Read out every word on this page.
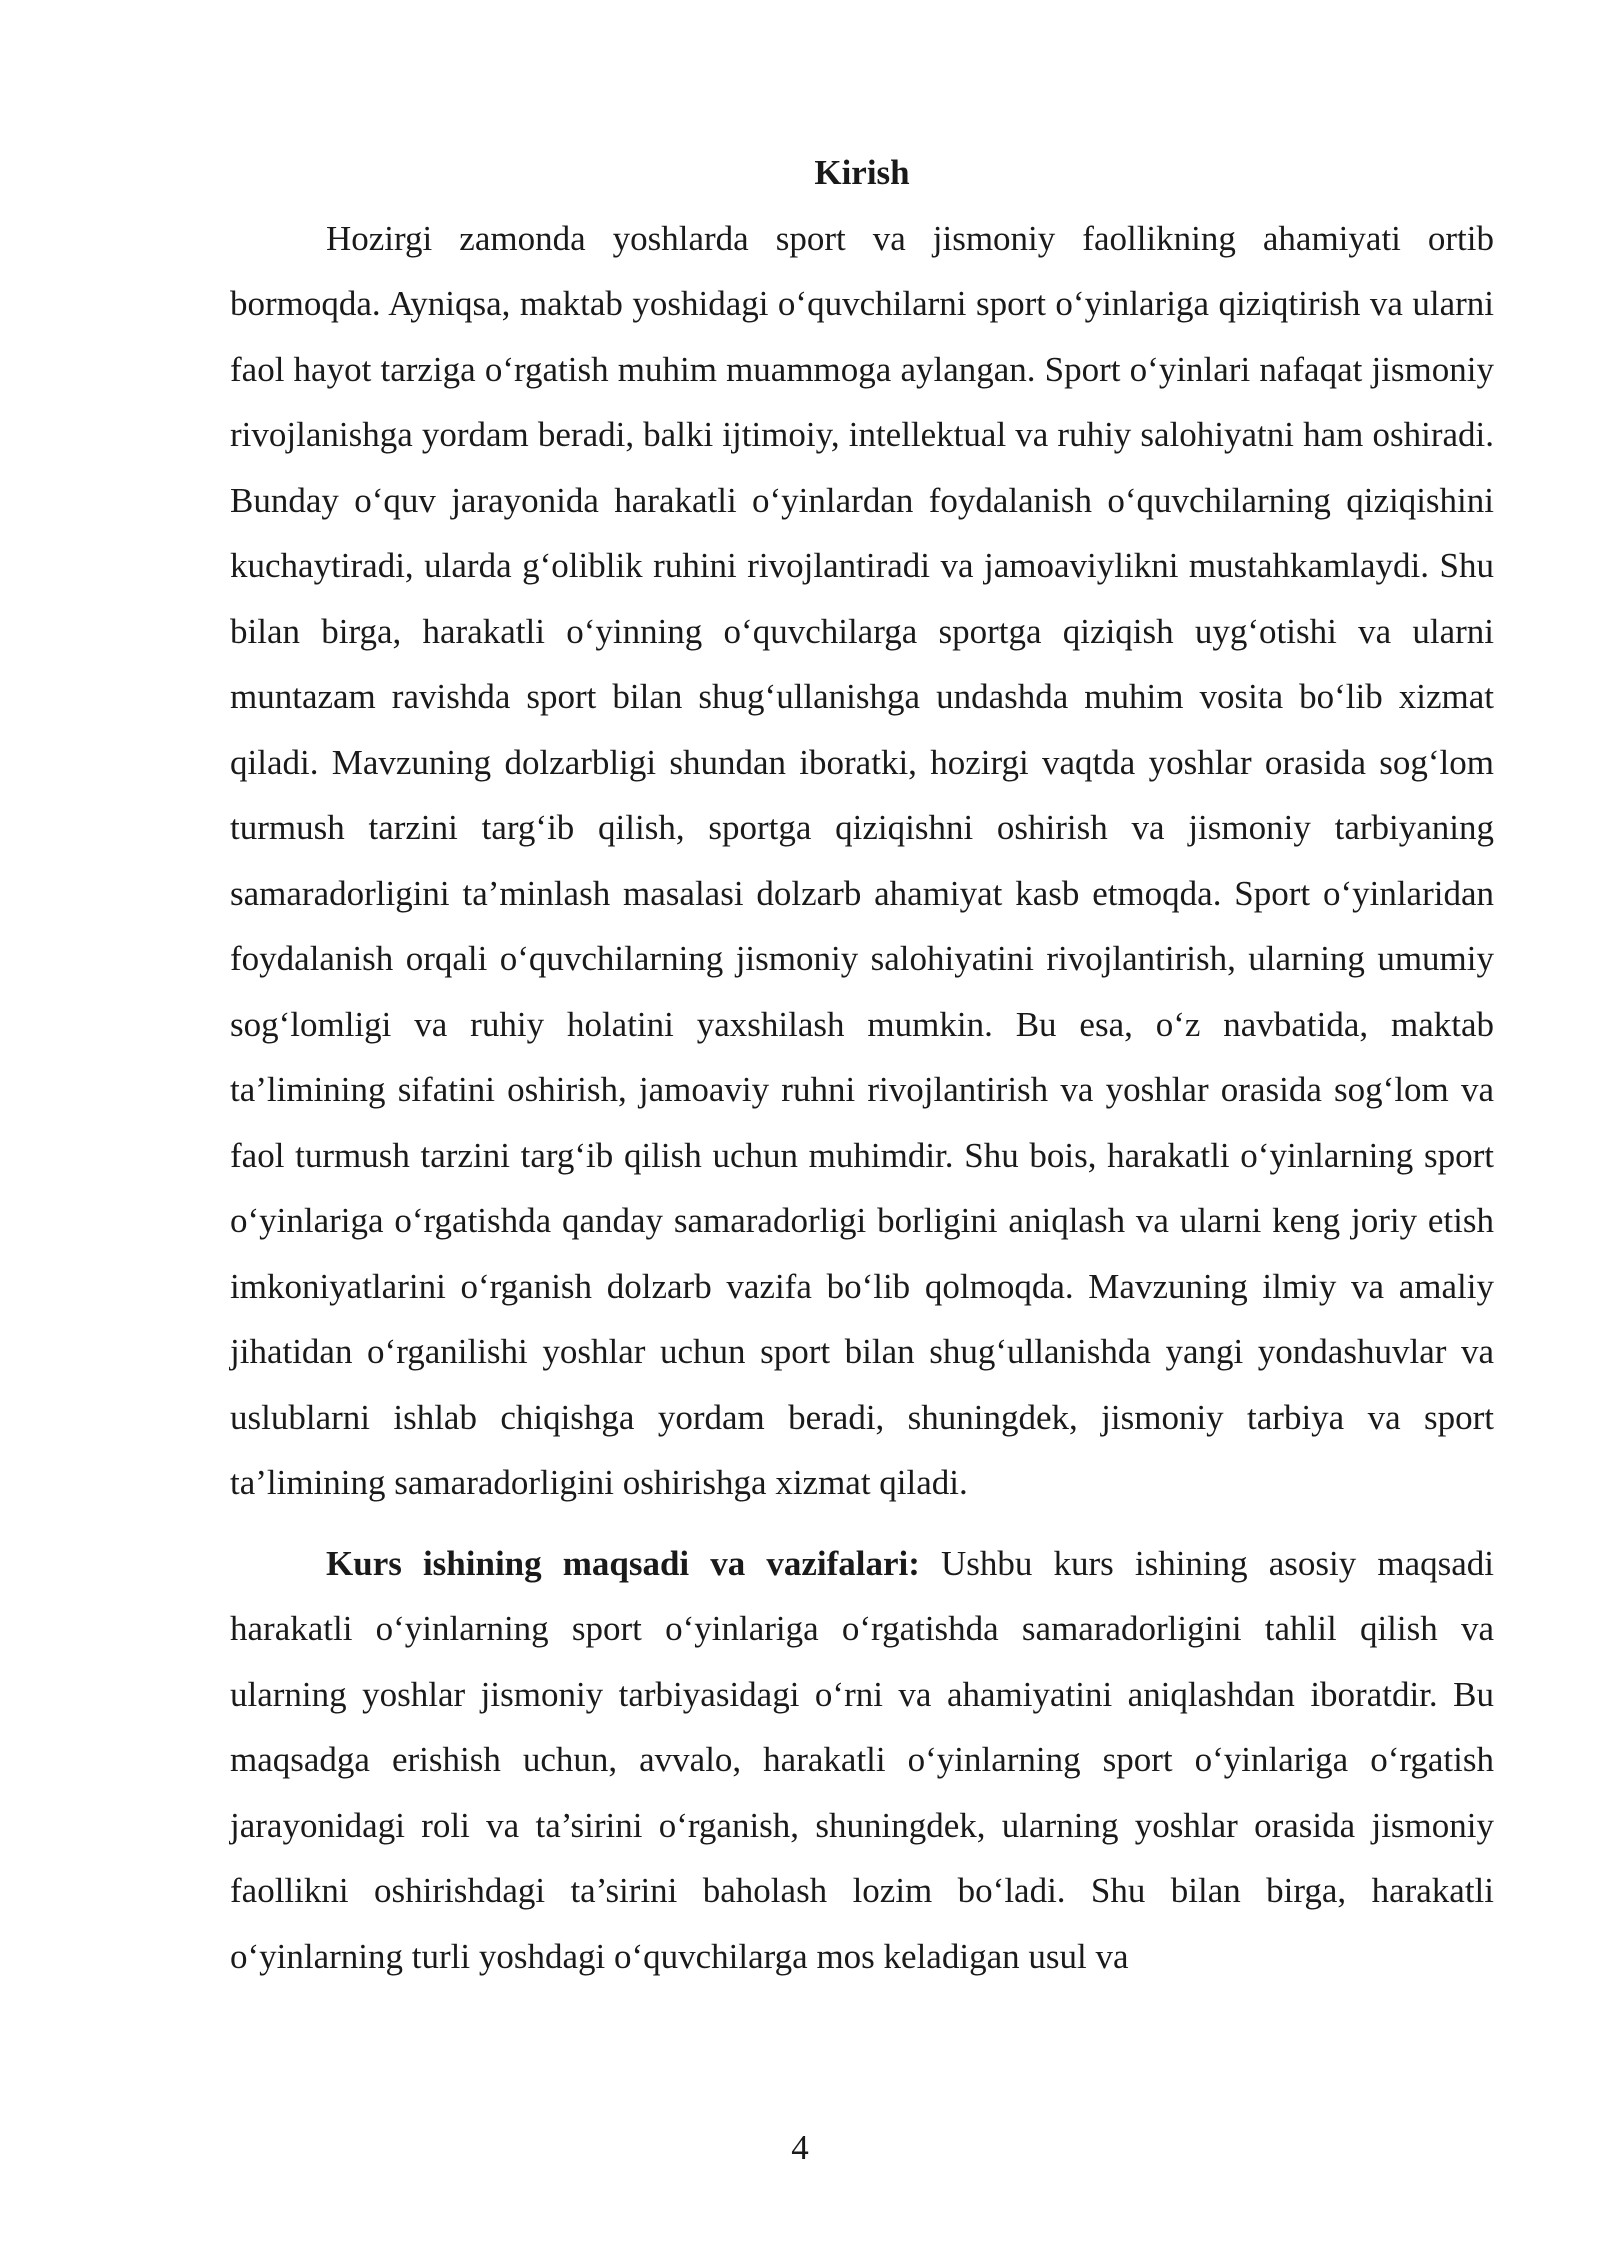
Kirish

Hozirgi zamonda yoshlarda sport va jismoniy faollikning ahamiyati ortib bormoqda. Ayniqsa, maktab yoshidagi o‘quvchilarni sport o‘yinlariga qiziqtirish va ularni faol hayot tarziga o‘rgatish muhim muammoga aylangan. Sport o‘yinlari nafaqat jismoniy rivojlanishga yordam beradi, balki ijtimoiy, intellektual va ruhiy salohiyatni ham oshiradi. Bunday o‘quv jarayonida harakatli o‘yinlardan foydalanish o‘quvchilarning qiziqishini kuchaytiradi, ularda g‘oliblik ruhini rivojlantiradi va jamoaviylikni mustahkamlaydi. Shu bilan birga, harakatli o‘yinning o‘quvchilarga sportga qiziqish uyg‘otishi va ularni muntazam ravishda sport bilan shug‘ullanishga undashda muhim vosita bo‘lib xizmat qiladi. Mavzuning dolzarbligi shundan iboratki, hozirgi vaqtda yoshlar orasida sog‘lom turmush tarzini targ‘ib qilish, sportga qiziqishni oshirish va jismoniy tarbiyaning samaradorligini ta’minlash masalasi dolzarb ahamiyat kasb etmoqda. Sport o‘yinlaridan foydalanish orqali o‘quvchilarning jismoniy salohiyatini rivojlantirish, ularning umumiy sog‘lomligi va ruhiy holatini yaxshilash mumkin. Bu esa, o‘z navbatida, maktab ta’limining sifatini oshirish, jamoaviy ruhni rivojlantirish va yoshlar orasida sog‘lom va faol turmush tarzini targ‘ib qilish uchun muhimdir. Shu bois, harakatli o‘yinlarning sport o‘yinlariga o‘rgatishda qanday samaradorligi borligini aniqlash va ularni keng joriy etish imkoniyatlarini o‘rganish dolzarb vazifa bo‘lib qolmoqda. Mavzuning ilmiy va amaliy jihatidan o‘rganilishi yoshlar uchun sport bilan shug‘ullanishda yangi yondashuvlar va uslublarni ishlab chiqishga yordam beradi, shuningdek, jismoniy tarbiya va sport ta’limining samaradorligini oshirishga xizmat qiladi.

Kurs ishining maqsadi va vazifalari: Ushbu kurs ishining asosiy maqsadi harakatli o‘yinlarning sport o‘yinlariga o‘rgatishda samaradorligini tahlil qilish va ularning yoshlar jismoniy tarbiyasidagi o‘rni va ahamiyatini aniqlashdan iboratdir. Bu maqsadga erishish uchun, avvalo, harakatli o‘yinlarning sport o‘yinlariga o‘rgatish jarayonidagi roli va ta’sirini o‘rganish, shuningdek, ularning yoshlar orasida jismoniy faollikni oshirishdagi ta’sirini baholash lozim bo‘ladi. Shu bilan birga, harakatli o‘yinlarning turli yoshdagi o‘quvchilarga mos keladigan usul va

4
